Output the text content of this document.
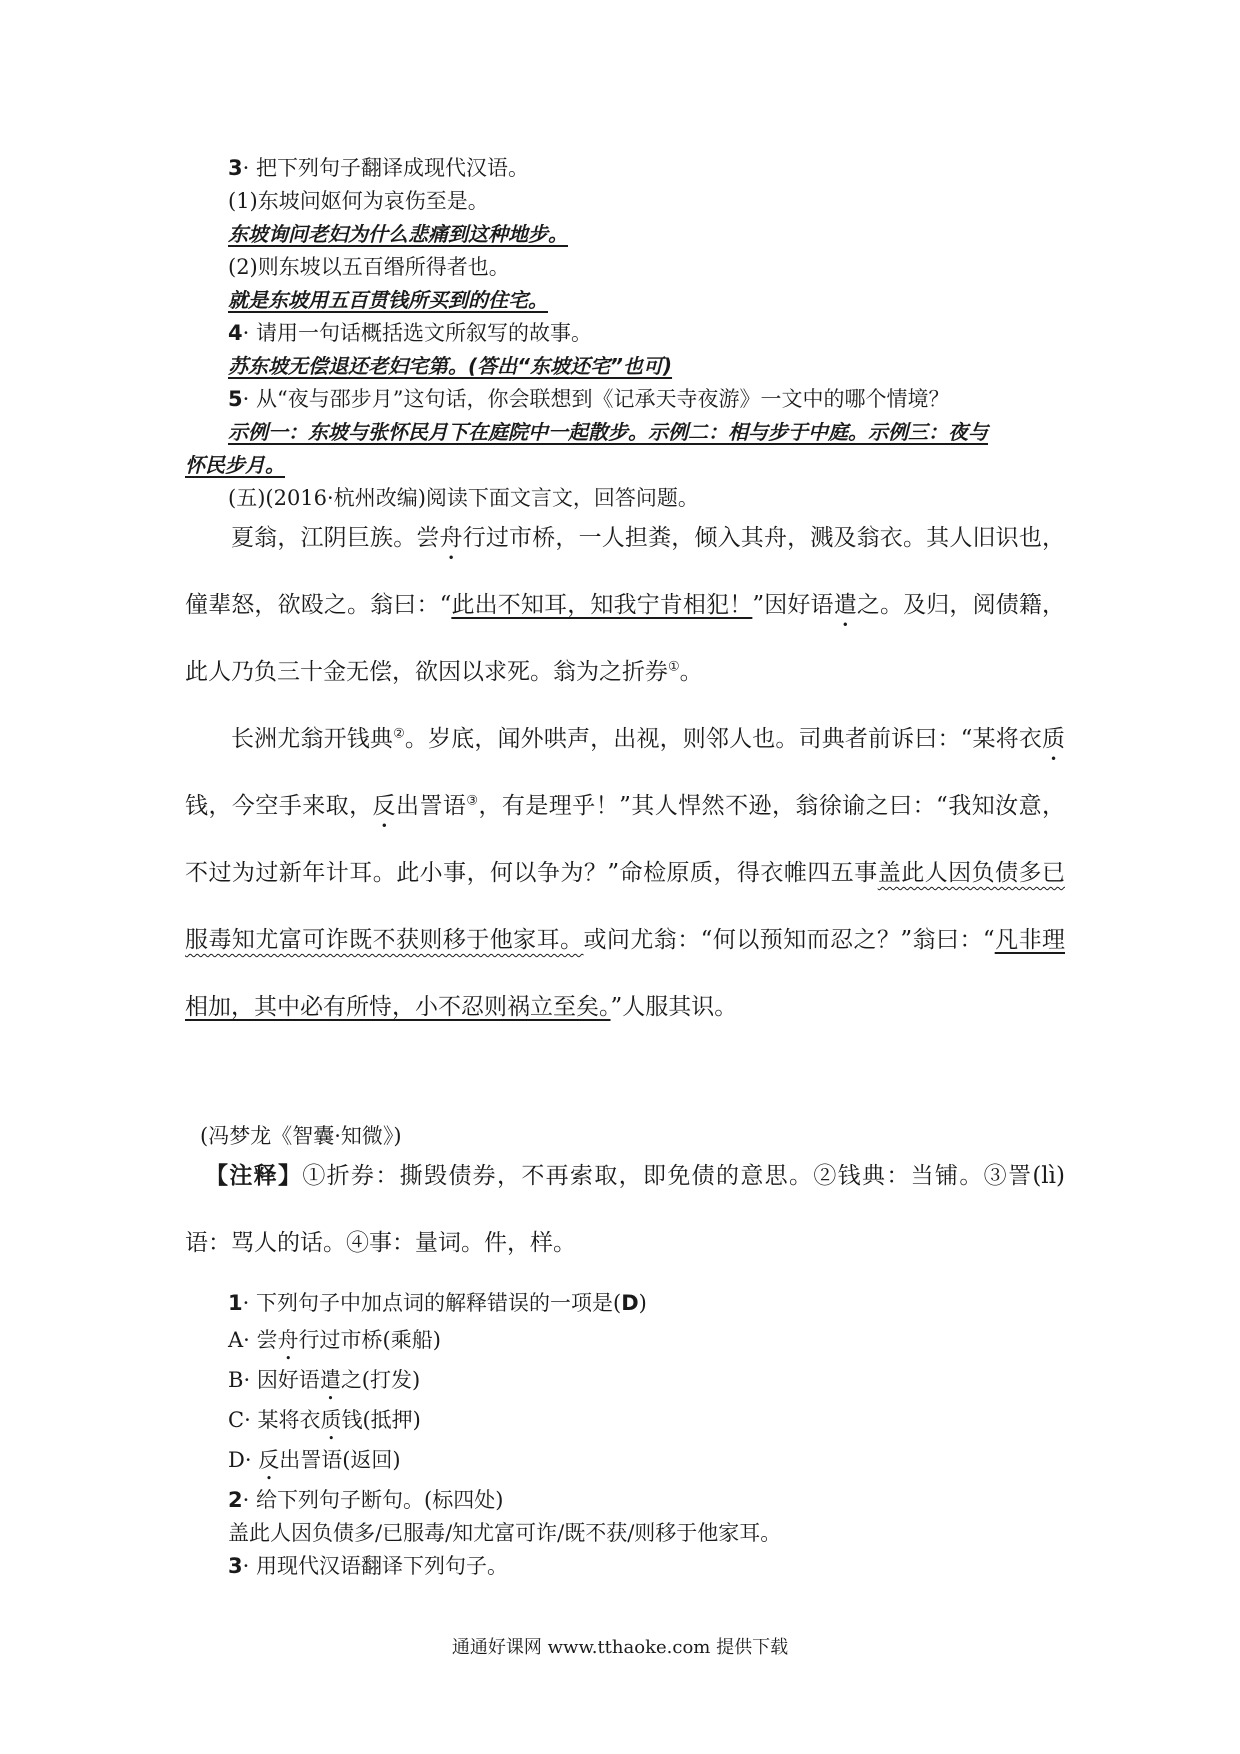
3· 把下列句子翻译成现代汉语。
(1)东坡问妪何为哀伤至是。
东坡询问老妇为什么悲痛到这种地步。
(2)则东坡以五百缗所得者也。
就是东坡用五百贯钱所买到的住宅。
4· 请用一句话概括选文所叙写的故事。
苏东坡无偿退还老妇宅第。(答出“东坡还宅”也可)
5· 从“夜与邵步月”这句话，你会联想到《记承天寺夜游》一文中的哪个情境？
示例一：东坡与张怀民月下在庭院中一起散步。示例二：相与步于中庭。示例三：夜与
怀民步月。
(五)(2016·杭州改编)阅读下面文言文，回答问题。
夏翁，江阴巨族。尝舟行过市桥，一人担粪，倾入其舟，溅及翁衣。其人旧识也，僮辈怒，欲殴之。翁曰：“此出不知耳，知我宁肯相犯！”因好语遣之。及归，阅债籍，此人乃负三十金无偿，欲因以求死。翁为之折券①。
长洲尤翁开钱典②。岁底，闻外哄声，出视，则邻人也。司典者前诉曰：“某将衣质钱，今空手来取，反出詈语③，有是理乎！”其人悍然不逊，翁徐谕之曰：“我知汝意，不过为过新年计耳。此小事，何以争为？”命检原质，得衣帷四五事盖此人因负债多已服毒知尤富可诈既不获则移于他家耳。或问尤翁：“何以预知而忍之？”翁曰：“凡非理相加，其中必有所恃，小不忍则祸立至矣。”人服其识。
(冯梦龙《智囊·知微》)
【注释】①折券：撕毁债券，不再索取，即免债的意思。②钱典：当铺。③詈(lì)语：骂人的话。④事：量词。件，样。
1· 下列句子中加点词的解释错误的一项是(D)
A· 尝舟行过市桥(乘船)
B· 因好语遣之(打发)
C· 某将衣质钱(抵押)
D· 反出詈语(返回)
2· 给下列句子断句。(标四处)
盖此人因负债多/已服毒/知尤富可诈/既不获/则移于他家耳。
3· 用现代汉语翻译下列句子。
通通好课网 www.tthaoke.com 提供下载
